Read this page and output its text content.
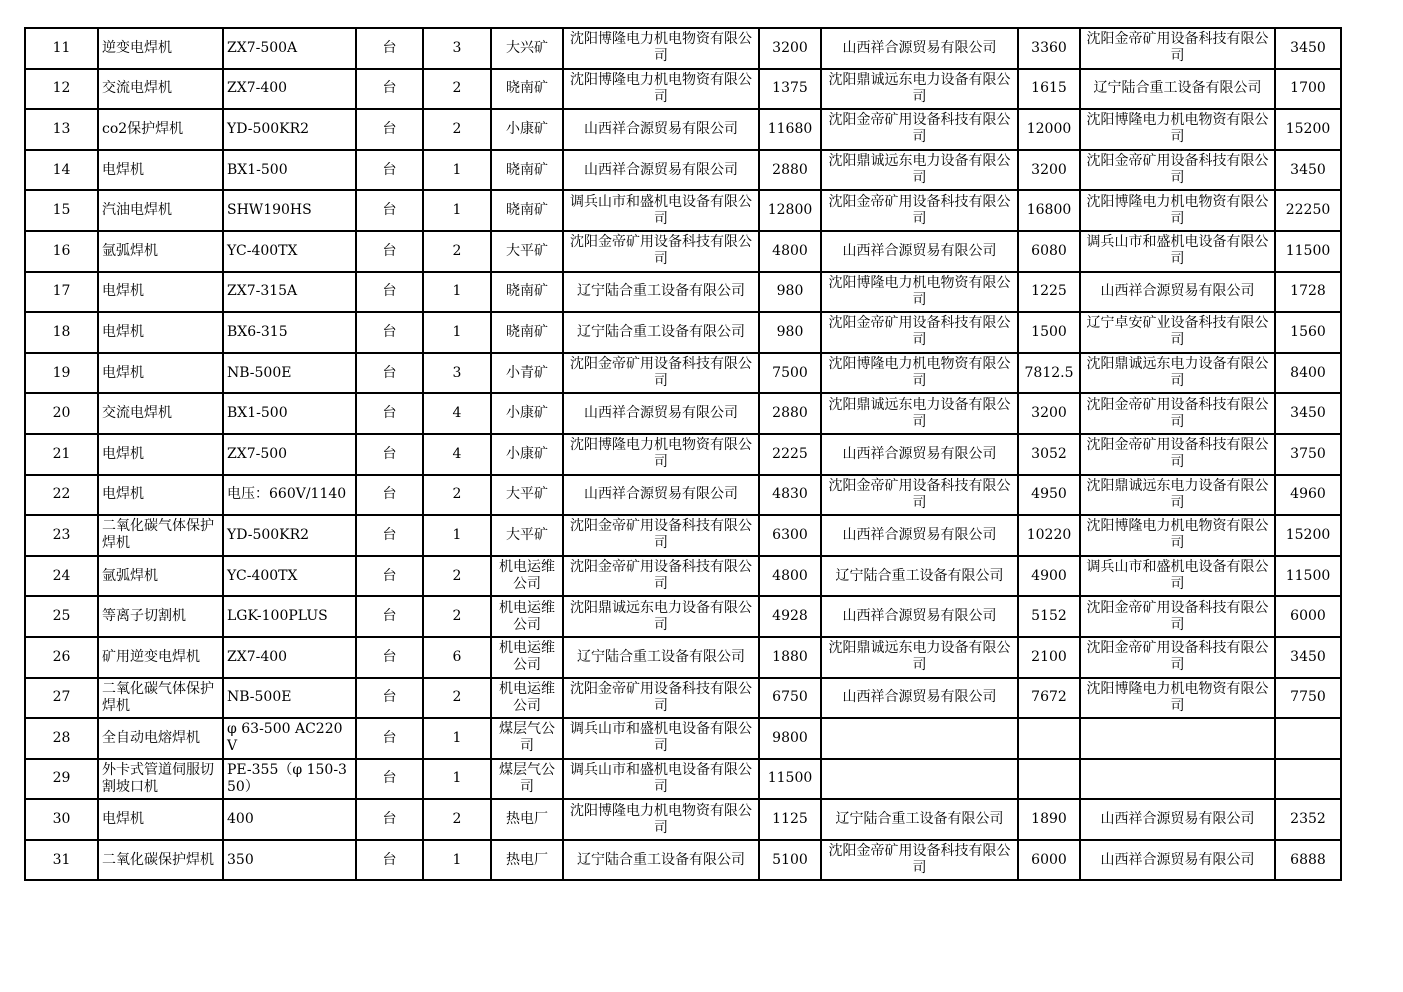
11	逆变电焊机	ZX7-500A	台	3	大兴矿	沈阳博隆电力机电物资有限公司	3200	山西祥合源贸易有限公司	3360	沈阳金帝矿用设备科技有限公司	3450
12	交流电焊机	ZX7-400	台	2	晓南矿	沈阳博隆电力机电物资有限公司	1375	沈阳鼎诚远东电力设备有限公司	1615	辽宁陆合重工设备有限公司	1700
13	co2保护焊机	YD-500KR2	台	2	小康矿	山西祥合源贸易有限公司	11680	沈阳金帝矿用设备科技有限公司	12000	沈阳博隆电力机电物资有限公司	15200
14	电焊机	BX1-500	台	1	晓南矿	山西祥合源贸易有限公司	2880	沈阳鼎诚远东电力设备有限公司	3200	沈阳金帝矿用设备科技有限公司	3450
15	汽油电焊机	SHW190HS	台	1	晓南矿	调兵山市和盛机电设备有限公司	12800	沈阳金帝矿用设备科技有限公司	16800	沈阳博隆电力机电物资有限公司	22250
16	氩弧焊机	YC-400TX	台	2	大平矿	沈阳金帝矿用设备科技有限公司	4800	山西祥合源贸易有限公司	6080	调兵山市和盛机电设备有限公司	11500
17	电焊机	ZX7-315A	台	1	晓南矿	辽宁陆合重工设备有限公司	980	沈阳博隆电力机电物资有限公司	1225	山西祥合源贸易有限公司	1728
18	电焊机	BX6-315	台	1	晓南矿	辽宁陆合重工设备有限公司	980	沈阳金帝矿用设备科技有限公司	1500	辽宁卓安矿业设备科技有限公司	1560
19	电焊机	NB-500E	台	3	小青矿	沈阳金帝矿用设备科技有限公司	7500	沈阳博隆电力机电物资有限公司	7812.5	沈阳鼎诚远东电力设备有限公司	8400
20	交流电焊机	BX1-500	台	4	小康矿	山西祥合源贸易有限公司	2880	沈阳鼎诚远东电力设备有限公司	3200	沈阳金帝矿用设备科技有限公司	3450
21	电焊机	ZX7-500	台	4	小康矿	沈阳博隆电力机电物资有限公司	2225	山西祥合源贸易有限公司	3052	沈阳金帝矿用设备科技有限公司	3750
22	电焊机	电压：660V/1140	台	2	大平矿	山西祥合源贸易有限公司	4830	沈阳金帝矿用设备科技有限公司	4950	沈阳鼎诚远东电力设备有限公司	4960
23	二氧化碳气体保护焊机	YD-500KR2	台	1	大平矿	沈阳金帝矿用设备科技有限公司	6300	山西祥合源贸易有限公司	10220	沈阳博隆电力机电物资有限公司	15200
24	氩弧焊机	YC-400TX	台	2	机电运维公司	沈阳金帝矿用设备科技有限公司	4800	辽宁陆合重工设备有限公司	4900	调兵山市和盛机电设备有限公司	11500
25	等离子切割机	LGK-100PLUS	台	2	机电运维公司	沈阳鼎诚远东电力设备有限公司	4928	山西祥合源贸易有限公司	5152	沈阳金帝矿用设备科技有限公司	6000
26	矿用逆变电焊机	ZX7-400	台	6	机电运维公司	辽宁陆合重工设备有限公司	1880	沈阳鼎诚远东电力设备有限公司	2100	沈阳金帝矿用设备科技有限公司	3450
27	二氧化碳气体保护焊机	NB-500E	台	2	机电运维公司	沈阳金帝矿用设备科技有限公司	6750	山西祥合源贸易有限公司	7672	沈阳博隆电力机电物资有限公司	7750
28	全自动电熔焊机	φ 63-500 AC220V	台	1	煤层气公司	调兵山市和盛机电设备有限公司	9800				
29	外卡式管道伺服切割坡口机	PE-355（φ 150-350）	台	1	煤层气公司	调兵山市和盛机电设备有限公司	11500				
30	电焊机	400	台	2	热电厂	沈阳博隆电力机电物资有限公司	1125	辽宁陆合重工设备有限公司	1890	山西祥合源贸易有限公司	2352
31	二氧化碳保护焊机	350	台	1	热电厂	辽宁陆合重工设备有限公司	5100	沈阳金帝矿用设备科技有限公司	6000	山西祥合源贸易有限公司	6888
